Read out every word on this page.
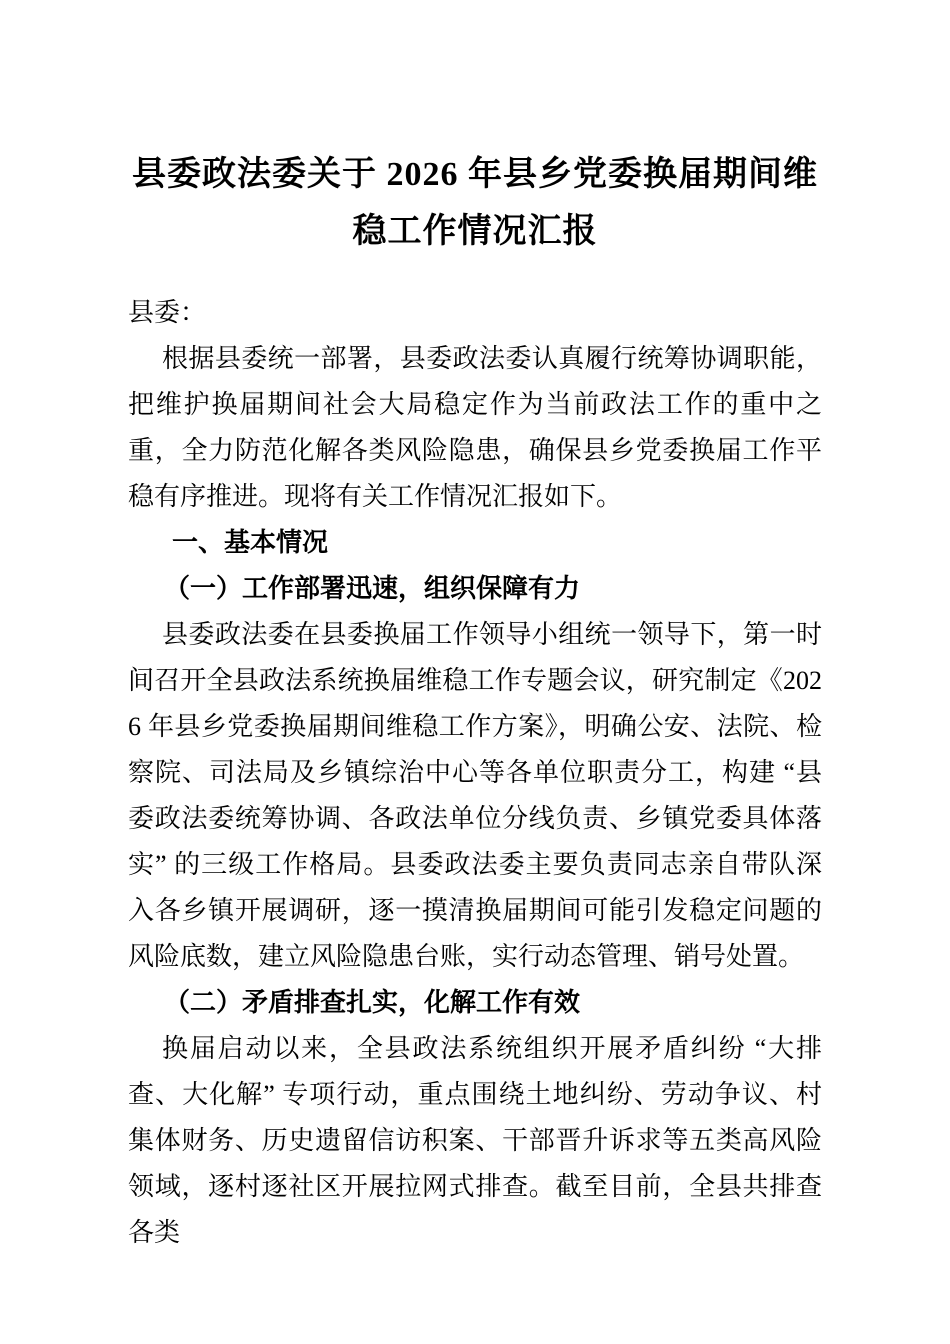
县委政法委关于 2026 年县乡党委换届期间维稳工作情况汇报

县委：

根据县委统一部署，县委政法委认真履行统筹协调职能，把维护换届期间社会大局稳定作为当前政法工作的重中之重，全力防范化解各类风险隐患，确保县乡党委换届工作平稳有序推进。现将有关工作情况汇报如下。

一、基本情况

（一）工作部署迅速，组织保障有力

县委政法委在县委换届工作领导小组统一领导下，第一时间召开全县政法系统换届维稳工作专题会议，研究制定《2026 年县乡党委换届期间维稳工作方案》，明确公安、法院、检察院、司法局及乡镇综治中心等各单位职责分工，构建 “县委政法委统筹协调、各政法单位分线负责、乡镇党委具体落实” 的三级工作格局。县委政法委主要负责同志亲自带队深入各乡镇开展调研，逐一摸清换届期间可能引发稳定问题的风险底数，建立风险隐患台账，实行动态管理、销号处置。

（二）矛盾排查扎实，化解工作有效

换届启动以来，全县政法系统组织开展矛盾纠纷 “大排查、大化解” 专项行动，重点围绕土地纠纷、劳动争议、村集体财务、历史遗留信访积案、干部晋升诉求等五类高风险领域，逐村逐社区开展拉网式排查。截至目前，全县共排查各类
